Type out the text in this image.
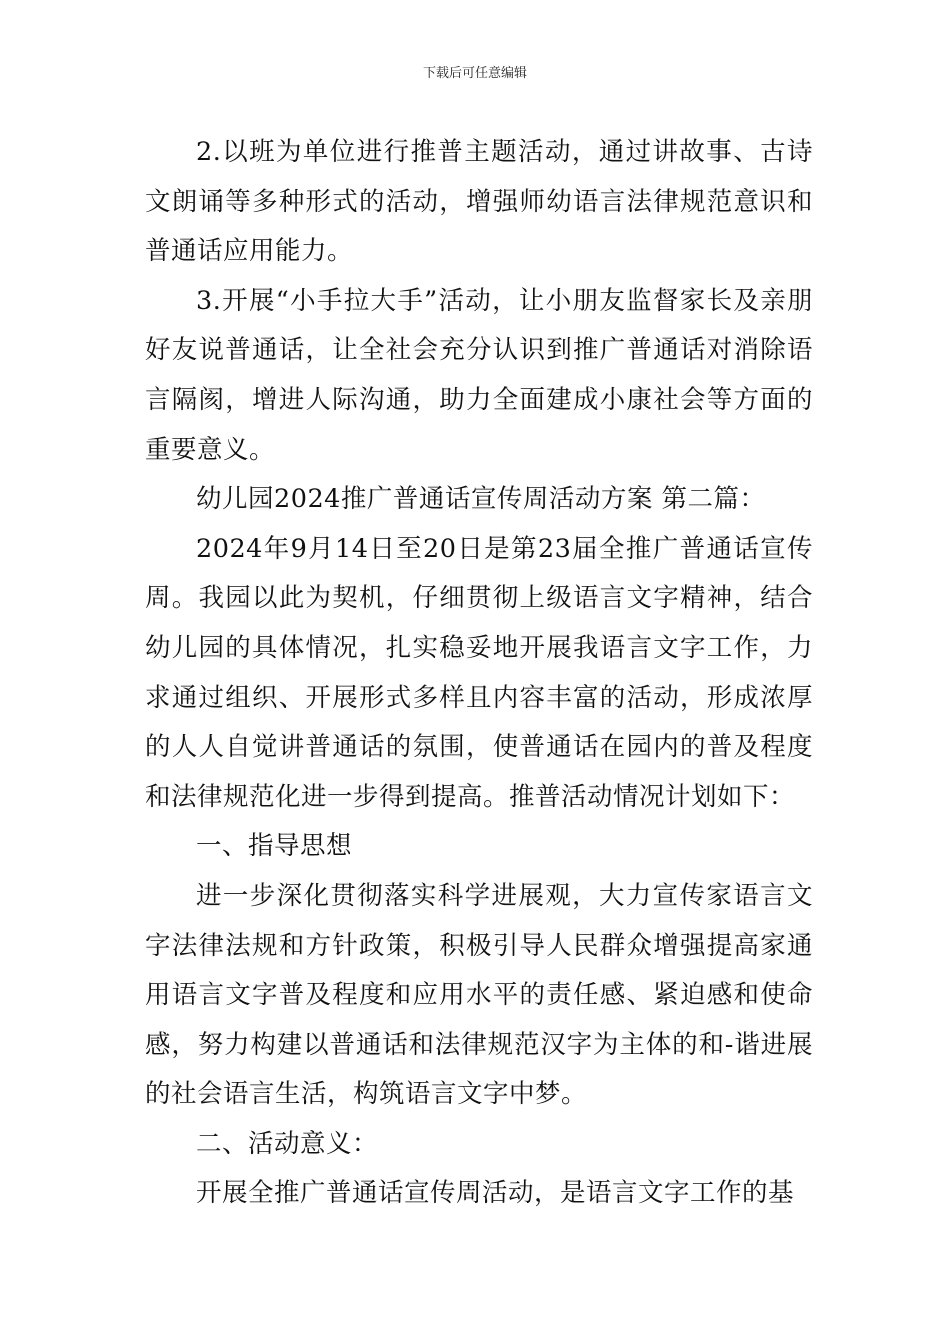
下载后可任意编辑

2.以班为单位进行推普主题活动，通过讲故事、古诗文朗诵等多种形式的活动，增强师幼语言法律规范意识和普通话应用能力。

3.开展“小手拉大手”活动，让小朋友监督家长及亲朋好友说普通话，让全社会充分认识到推广普通话对消除语言隔阂，增进人际沟通，助力全面建成小康社会等方面的重要意义。

幼儿园2024推广普通话宣传周活动方案 第二篇：

2024年9月14日至20日是第23届全推广普通话宣传周。我园以此为契机，仔细贯彻上级语言文字精神，结合幼儿园的具体情况，扎实稳妥地开展我语言文字工作，力求通过组织、开展形式多样且内容丰富的活动，形成浓厚的人人自觉讲普通话的氛围，使普通话在园内的普及程度和法律规范化进一步得到提高。推普活动情况计划如下：

一、指导思想

进一步深化贯彻落实科学进展观，大力宣传家语言文字法律法规和方针政策，积极引导人民群众增强提高家通用语言文字普及程度和应用水平的责任感、紧迫感和使命感，努力构建以普通话和法律规范汉字为主体的和-谐进展的社会语言生活，构筑语言文字中梦。

二、活动意义：

开展全推广普通话宣传周活动，是语言文字工作的基
